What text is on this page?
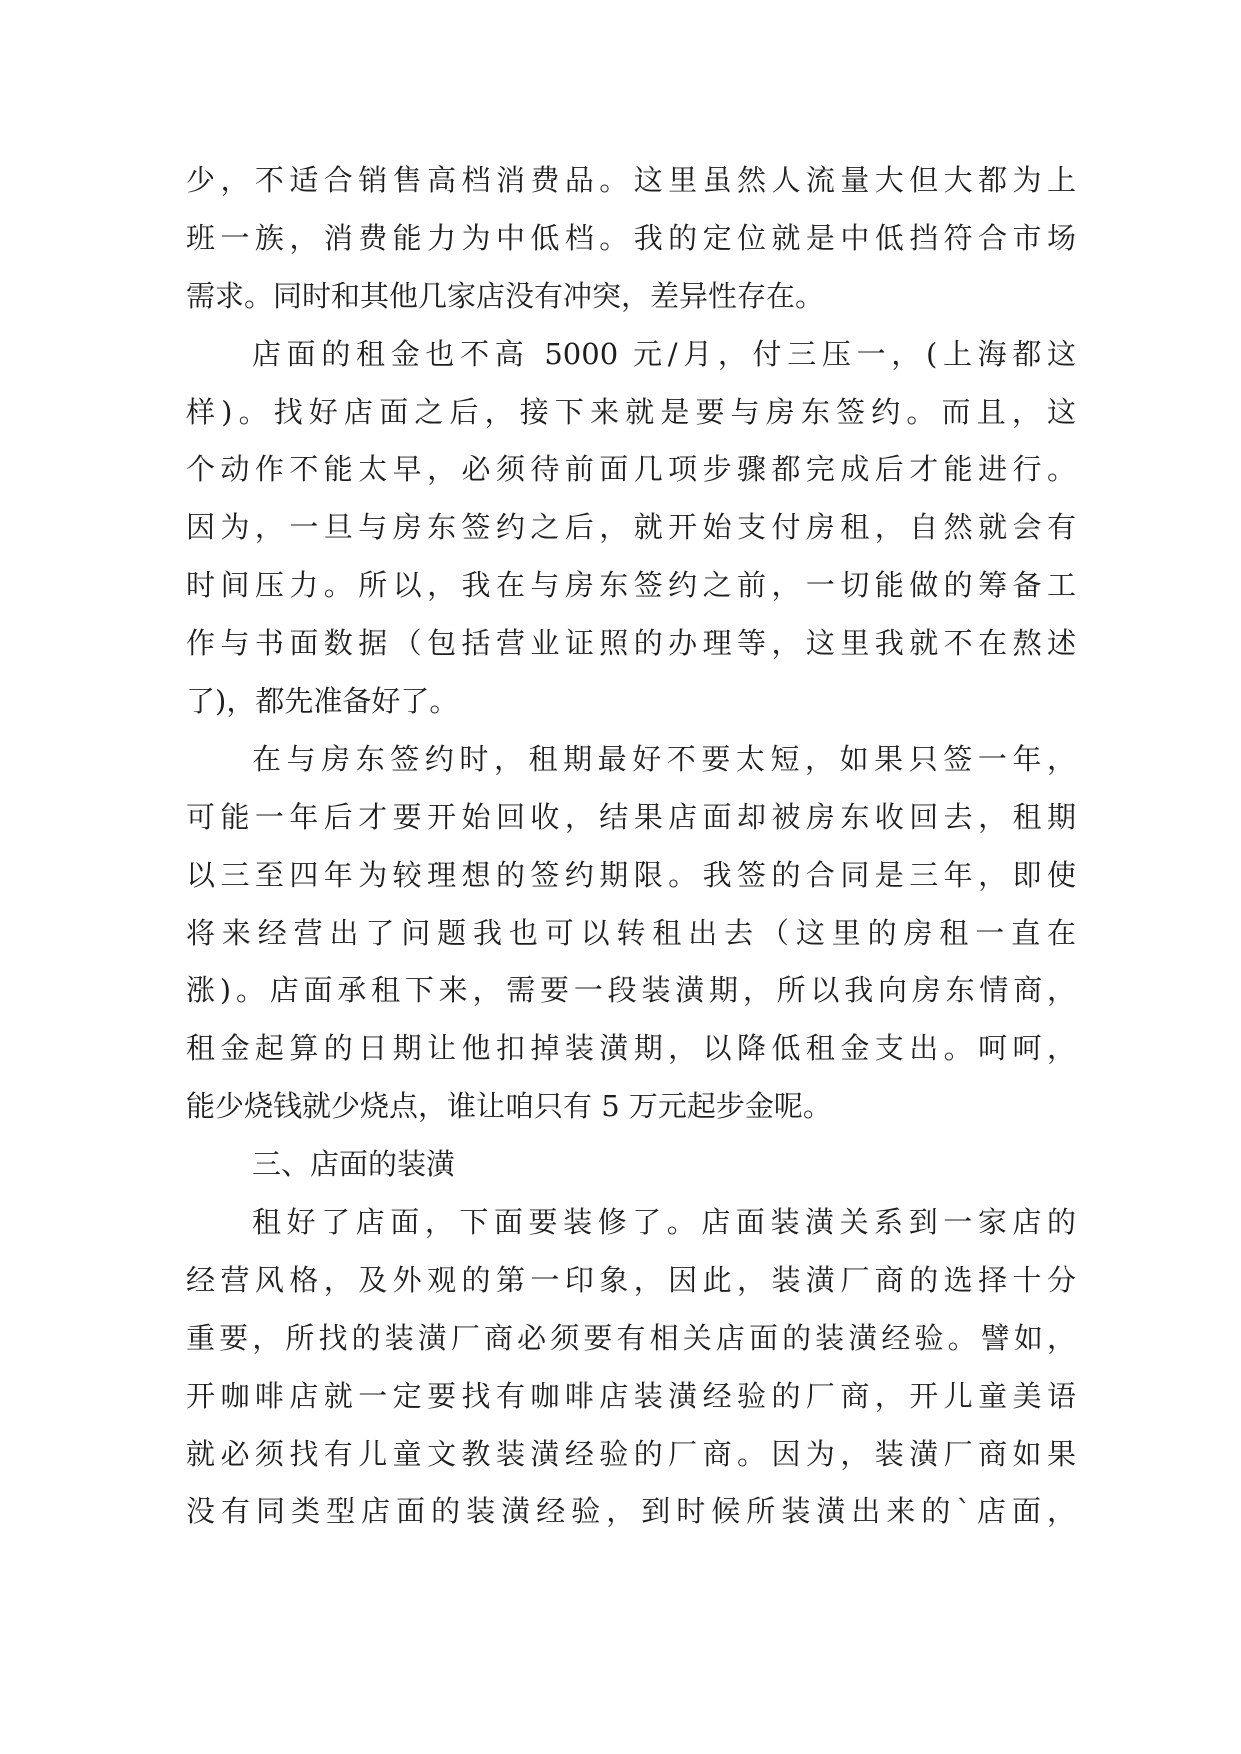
少，不适合销售高档消费品。这里虽然人流量大但大都为上
班一族，消费能力为中低档。我的定位就是中低挡符合市场
需求。同时和其他几家店没有冲突，差异性存在。
店面的租金也不高 5000 元/月，付三压一，(上海都这
样)。找好店面之后，接下来就是要与房东签约。而且，这
个动作不能太早，必须待前面几项步骤都完成后才能进行。
因为，一旦与房东签约之后，就开始支付房租，自然就会有
时间压力。所以，我在与房东签约之前，一切能做的筹备工
作与书面数据（包括营业证照的办理等，这里我就不在熬述
了)，都先准备好了。
在与房东签约时，租期最好不要太短，如果只签一年，
可能一年后才要开始回收，结果店面却被房东收回去，租期
以三至四年为较理想的签约期限。我签的合同是三年，即使
将来经营出了问题我也可以转租出去（这里的房租一直在
涨)。店面承租下来，需要一段装潢期，所以我向房东情商，
租金起算的日期让他扣掉装潢期，以降低租金支出。呵呵，
能少烧钱就少烧点，谁让咱只有 5 万元起步金呢。
三、店面的装潢
租好了店面，下面要装修了。店面装潢关系到一家店的
经营风格，及外观的第一印象，因此，装潢厂商的选择十分
重要，所找的装潢厂商必须要有相关店面的装潢经验。譬如，
开咖啡店就一定要找有咖啡店装潢经验的厂商，开儿童美语
就必须找有儿童文教装潢经验的厂商。因为，装潢厂商如果
没有同类型店面的装潢经验，到时候所装潢出来的`店面，
